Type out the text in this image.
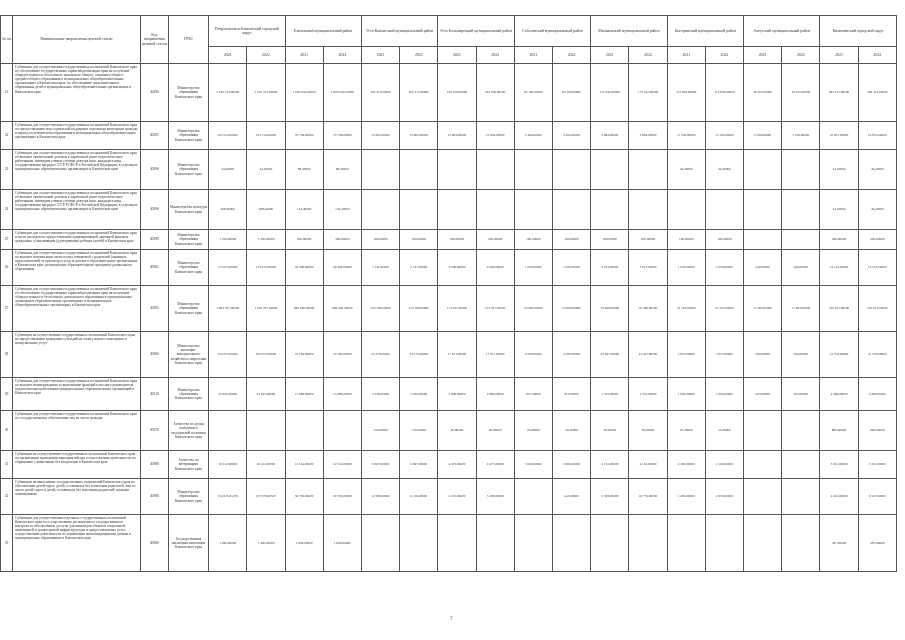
№ пп	Наименование направления целевой статьи	Код направления целевой статьи	ГРБС	Петропавловск-Камчатский городской округ		Елизовский муниципальный район		Усть-Камчатский муниципальный район		Усть-Большерецкий муниципальный район		Соболевский муниципальный район		Мильковский муниципальный район		Быстринский муниципальный район		Алеутский муниципальный район		Вилючинский городской округ	
				2021	2022	2021	2022	2021	2022	2021	2022	2021	2022	2021	2022	2021	2022	2021	2022	2021	2022
21	Субвенции для осуществления государственных полномочий Камчатского края по обеспечению государственных гарантий реализации прав на получение общедоступного и бесплатного начального общего, основного общего, среднего общего образования в муниципальных общеобразовательных организациях в Камчатском крае, по обеспечению дополнительного образования детей в муниципальных общеобразовательных организациях в Камчатском крае	40290	Министерство образования Камчатского края	2 193 313,00000	2 197 313,00000	1 009 944,00000	1 009 944,00000	302 315,00000	302 315,00000	244 556,00000	244 556,00000	83 160,00000	83 160,00000	172 342,00000	172 342,00000	113 836,00000	113 836,00000	36 455,00000	36 455,00000	263 413,00000	263 413,00000
22	Субвенции для осуществления государственных полномочий Камчатского края по предоставлению мер социальной поддержки отдельным категориям граждан в период получения ими образования в муниципальных общеобразовательных организациях в Камчатском крае	40291	Министерство образования Камчатского края	103 514,00000	103 514,00000	70 758,00000	70 758,00000	15 802,00000	15 802,00000	15 804,00000	15 804,00000	2 464,00000	2 464,00000	3 884,00000	3 884,00000	11 350,00000	11 350,00000	2 259,00000	2 259,00000	16 851,00000	16 851,00000
23	Субвенции для осуществления государственных полномочий Камчатского края по выплате ежемесячной доплаты к заработной плате педагогическим работникам, имеющим ученые степени доктора наук, кандидата наук, государственные награды СССР, РСФСР и Российской Федерации, в отдельных муниципальных образовательных организациях в Камчатском крае	40296	Министерство образования Камчатского края	44,20000	44,20000	88,40000	88,40000									44,20000	44,20000			44,20000	44,20000
24	Субвенции для осуществления государственных полномочий Камчатского края по выплате ежемесячной доплаты к заработной плате педагогическим работникам, имеющим ученые степени доктора наук, кандидата наук, государственные награды СССР, РСФСР и Российской Федерации, в отдельных муниципальных образовательных организациях в Камчатском крае	40296	Министерство культуры Камчатского края	468,40000	468,40000	134,40000	134,40000													44,20000	44,20000
25	Субвенции для осуществления государственных полномочий Камчатского края в части расходов по предоставлению единовременной денежной выплаты гражданам, усыновившим (удочерившим) ребенка (детей) в Камчатском крае	40298	Министерство образования Камчатского края	1 350,00000	1 350,00000	300,00000	300,00000	160,00000	160,00000	160,00000	160,00000	160,00000	160,00000	160,00000	160,00000	160,00000	160,00000			300,00000	300,00000
26	Субвенции для осуществления государственных полномочий Камчатского края по выплате компенсации части платы, взимаемой с родителей (законных представителей) за присмотр и уход за детьми в образовательных организациях в Камчатском крае, реализующих образовательную программу дошкольного образования	40301	Министерство образования Камчатского края	173 015,00000	173 015,00000	39 408,00000	39 408,00000	7 141,00000	7 141,00000	4 200,00000	4 200,00000	1 020,00000	1 020,00000	3 013,00000	3 013,00000	1 050,00000	1 050,00000	449,00000	449,00000	14 213,00000	14 213,00000
27	Субвенции для осуществления государственных полномочий Камчатского края по обеспечению государственных гарантий реализации прав на получение общедоступного и бесплатного дошкольного образования в муниципальных дошкольных образовательных организациях и муниципальных общеобразовательных организациях в Камчатском крае	40305	Министерство образования Камчатского края	1 004 797,00000	1 004 797,00000	684 946,00000	684 946,00000	123 780,00000	123 780,00000	113 057,00000	113 057,00000	24 999,00000	24 999,00000	79 466,00000	79 466,00000	31 253,00000	31 253,00000	17 483,00000	17 483,00000	210 913,00000	210 913,00000
28	Субвенции на осуществление государственных полномочий Камчатского края по предоставлению гражданам субсидий на оплату жилого помещения и коммунальных услуг	40306	Министерство жилищно-коммунального хозяйства и энергетики Камчатского края	432 053,00000	432 053,00000	79 784,00000	79 784,00000	23 270,00000	23 270,00000	17 911,00000	17 911,00000	4 590,00000	4 590,00000	23 467,00000	23 467,00000	2 657,00000	2 657,00000	394,00000	394,00000	21 376,00000	21 376,00000
29	Субвенции для осуществления государственных полномочий Камчатского края по выплате вознаграждения за выполнение функций классного руководителя педагогическим работникам муниципальных образовательных организаций в Камчатском крае	40310	Министерство образования Камчатского края	23 945,00000	23 945,00000	15 986,00000	15 986,00000	3 236,00000	3 236,00000	2 896,00000	2 896,00000	812,00000	812,00000	1 355,00000	1 355,00000	1 094,00000	1 094,00000	203,00000	203,00000	4 484,00000	4 484,00000
30	Субвенции для осуществления государственных полномочий Камчатского края по государственному обеспечению лиц из числа граждан	40370	Агентство по делам молодежи и молодежной политики Камчатского края					130,60000	130,60000	40,80000	40,80000	20,40000	20,40000	39,20000	39,20000	25,20000	25,20000			809,60000	809,60000
31	Субвенции на осуществление государственных полномочий Камчатского края по организации проведения мероприятий при осуществлении деятельности по обращению с животными без владельцев в Камчатском крае	40380	Агентство по ветеринарии Камчатского края	10 212,00000	10 212,00000	12 514,00000	12 514,00000	6 697,00000	6 697,00000	4 475,00000	4 475,00000	3 690,00000	3 690,00000	4 132,00000	4 132,00000	2 100,00000	2 100,00000			3 321,00000	3 321,00000
32	Субвенции на выполнение государственных полномочий Камчатского края по обеспечению детей-сирот, детей, оставшихся без попечения родителей, лиц из числа детей-сирот и детей, оставшихся без попечения родителей, жилыми помещениями	40390	Министерство образования Камчатского края	154 615,31470	157 078,90547	30 763,00000	30 763,00000	12 588,00000	6 156,00000	2 472,00000	5 208,00000		445,00000	5 338,00000	10 774,00000	1 463,00000	2 958,00000			4 322,00000	9 527,00000
33	Субвенции для осуществления отдельных государственных полномочий Камчатского края по осуществлению регионального государственного контроля за обеспечением доступа для инвалидов объектов социальной, инженерной и транспортной инфраструктуры и предоставляемых услуг, осуществлению деятельности по управлению многоквартирными домами в муниципальных образованиях в Камчатском крае	40560	Государственная жилищная инспекция Камчатского края	1 490,00000	1 490,00000	1 840,00000	1 840,00000													387,00000	387,00000
7
